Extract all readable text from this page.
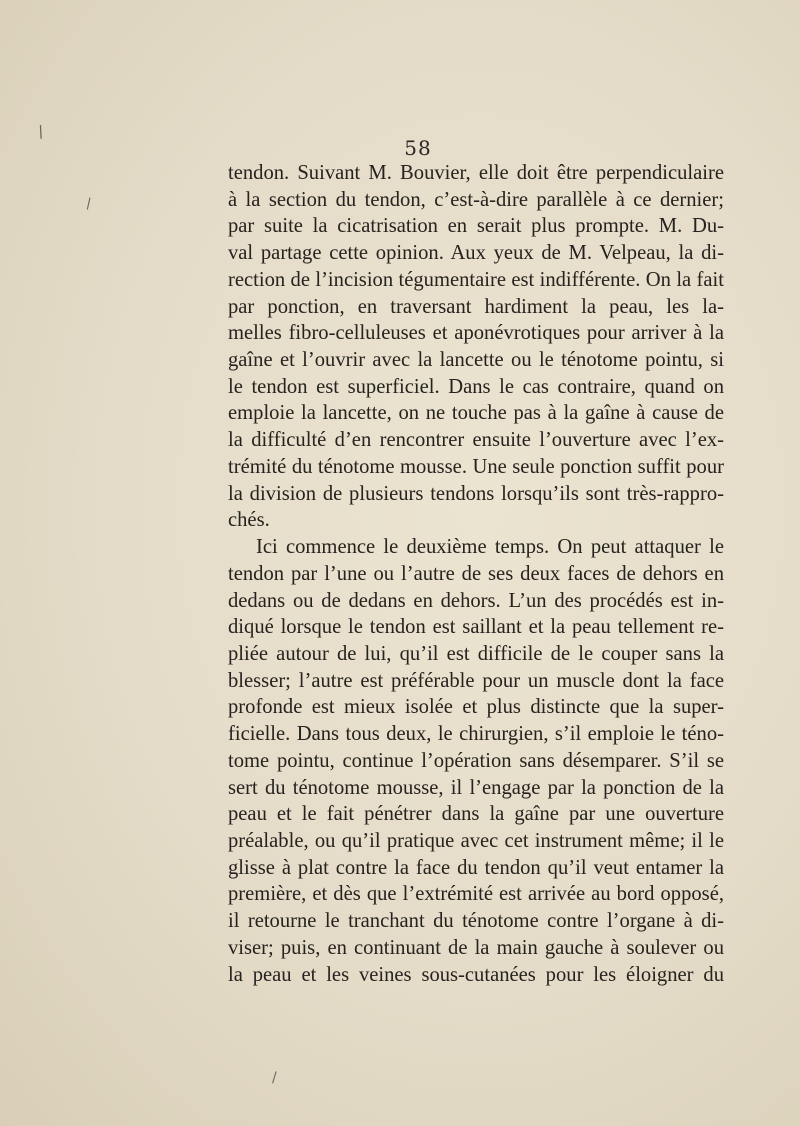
/
\
/
58
tendon. Suivant M. Bouvier, elle doit être perpendiculaire
à la section du tendon, c’est-à-dire parallèle à ce dernier;
par suite la cicatrisation en serait plus prompte. M. Du-
val partage cette opinion. Aux yeux de M. Velpeau, la di-
rection de l’incision tégumentaire est indifférente. On la fait
par ponction, en traversant hardiment la peau, les la-
melles fibro-celluleuses et aponévrotiques pour arriver à la
gaîne et l’ouvrir avec la lancette ou le ténotome pointu, si
le tendon est superficiel. Dans le cas contraire, quand on
emploie la lancette, on ne touche pas à la gaîne à cause de
la difficulté d’en rencontrer ensuite l’ouverture avec l’ex-
trémité du ténotome mousse. Une seule ponction suffit pour
la division de plusieurs tendons lorsqu’ils sont très-rappro-
chés.
Ici commence le deuxième temps. On peut attaquer le
tendon par l’une ou l’autre de ses deux faces de dehors en
dedans ou de dedans en dehors. L’un des procédés est in-
diqué lorsque le tendon est saillant et la peau tellement re-
pliée autour de lui, qu’il est difficile de le couper sans la
blesser; l’autre est préférable pour un muscle dont la face
profonde est mieux isolée et plus distincte que la super-
ficielle. Dans tous deux, le chirurgien, s’il emploie le téno-
tome pointu, continue l’opération sans désemparer. S’il se
sert du ténotome mousse, il l’engage par la ponction de la
peau et le fait pénétrer dans la gaîne par une ouverture
préalable, ou qu’il pratique avec cet instrument même; il le
glisse à plat contre la face du tendon qu’il veut entamer la
première, et dès que l’extrémité est arrivée au bord opposé,
il retourne le tranchant du ténotome contre l’organe à di-
viser; puis, en continuant de la main gauche à soulever ou
la peau et les veines sous-cutanées pour les éloigner du
